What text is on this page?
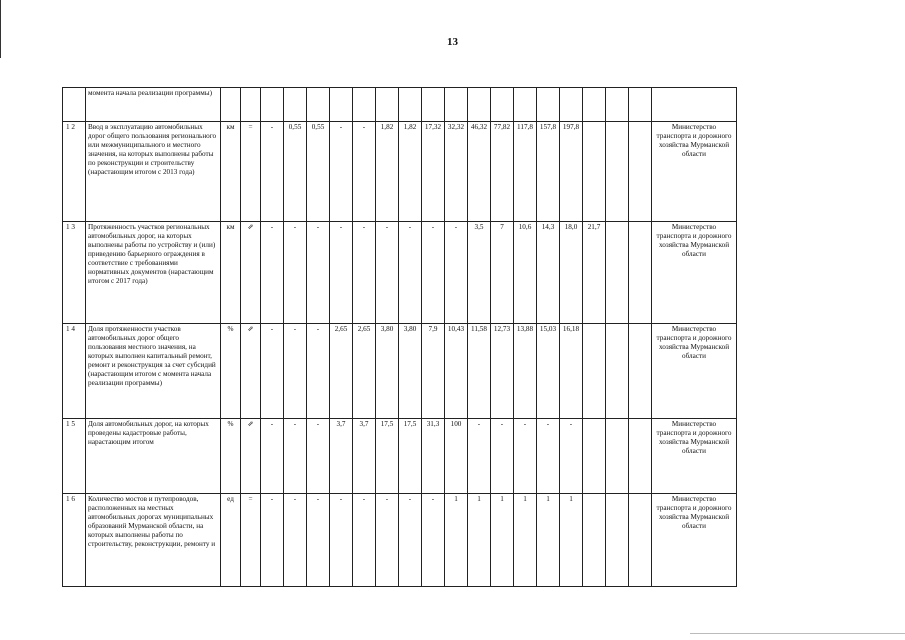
13
	момента начала реализации программы)																				
1 2	Ввод в эксплуатацию автомобильных дорог общего пользования регионального или межмуниципального и местного значения, на которых выполнены работы по реконструкции и строительству (нарастающим итогом с 2013 года)	км	=	-	0,55	0,55	-	-	1,82	1,82	17,32	32,32	46,32	77,82	117,8	157,8	197,8				Министерство транспорта и дорожного хозяйства Мурманской области
1 3	Протяженность участков региональных автомобильных дорог, на которых выполнены работы по устройству и (или) приведению барьерного ограждения в соответствие с требованиями нормативных документов (нарастающим итогом с 2017 года)	км	⇗	-	-	-	-	-	-	-	-	-	3,5	7	10,6	14,3	18,0	21,7			Министерство транспорта и дорожного хозяйства Мурманской области
1 4	Доля протяженности участков автомобильных дорог общего пользования местного значения, на которых выполнен капитальный ремонт, ремонт и реконструкция за счет субсидий (нарастающим итогом с момента начала реализации программы)	%	⇗	-	-	-	2,65	2,65	3,80	3,80	7,9	10,43	11,58	12,73	13,88	15,03	16,18				Министерство транспорта и дорожного хозяйства Мурманской области
1 5	Доля автомобильных дорог, на которых проведены кадастровые работы, нарастающим итогом	%	⇗	-	-	-	3,7	3,7	17,5	17,5	31,3	100	-	-	-	-	-				Министерство транспорта и дорожного хозяйства Мурманской области
1 6	Количество мостов и путепроводов, расположенных на местных автомобильных дорогах муниципальных образований Мурманской области, на которых выполнены работы по строительству, реконструкции, ремонту и	ед	=	-	-	-	-	-	-	-	-	1	1	1	1	1	1				Министерство транспорта и дорожного хозяйства Мурманской области
